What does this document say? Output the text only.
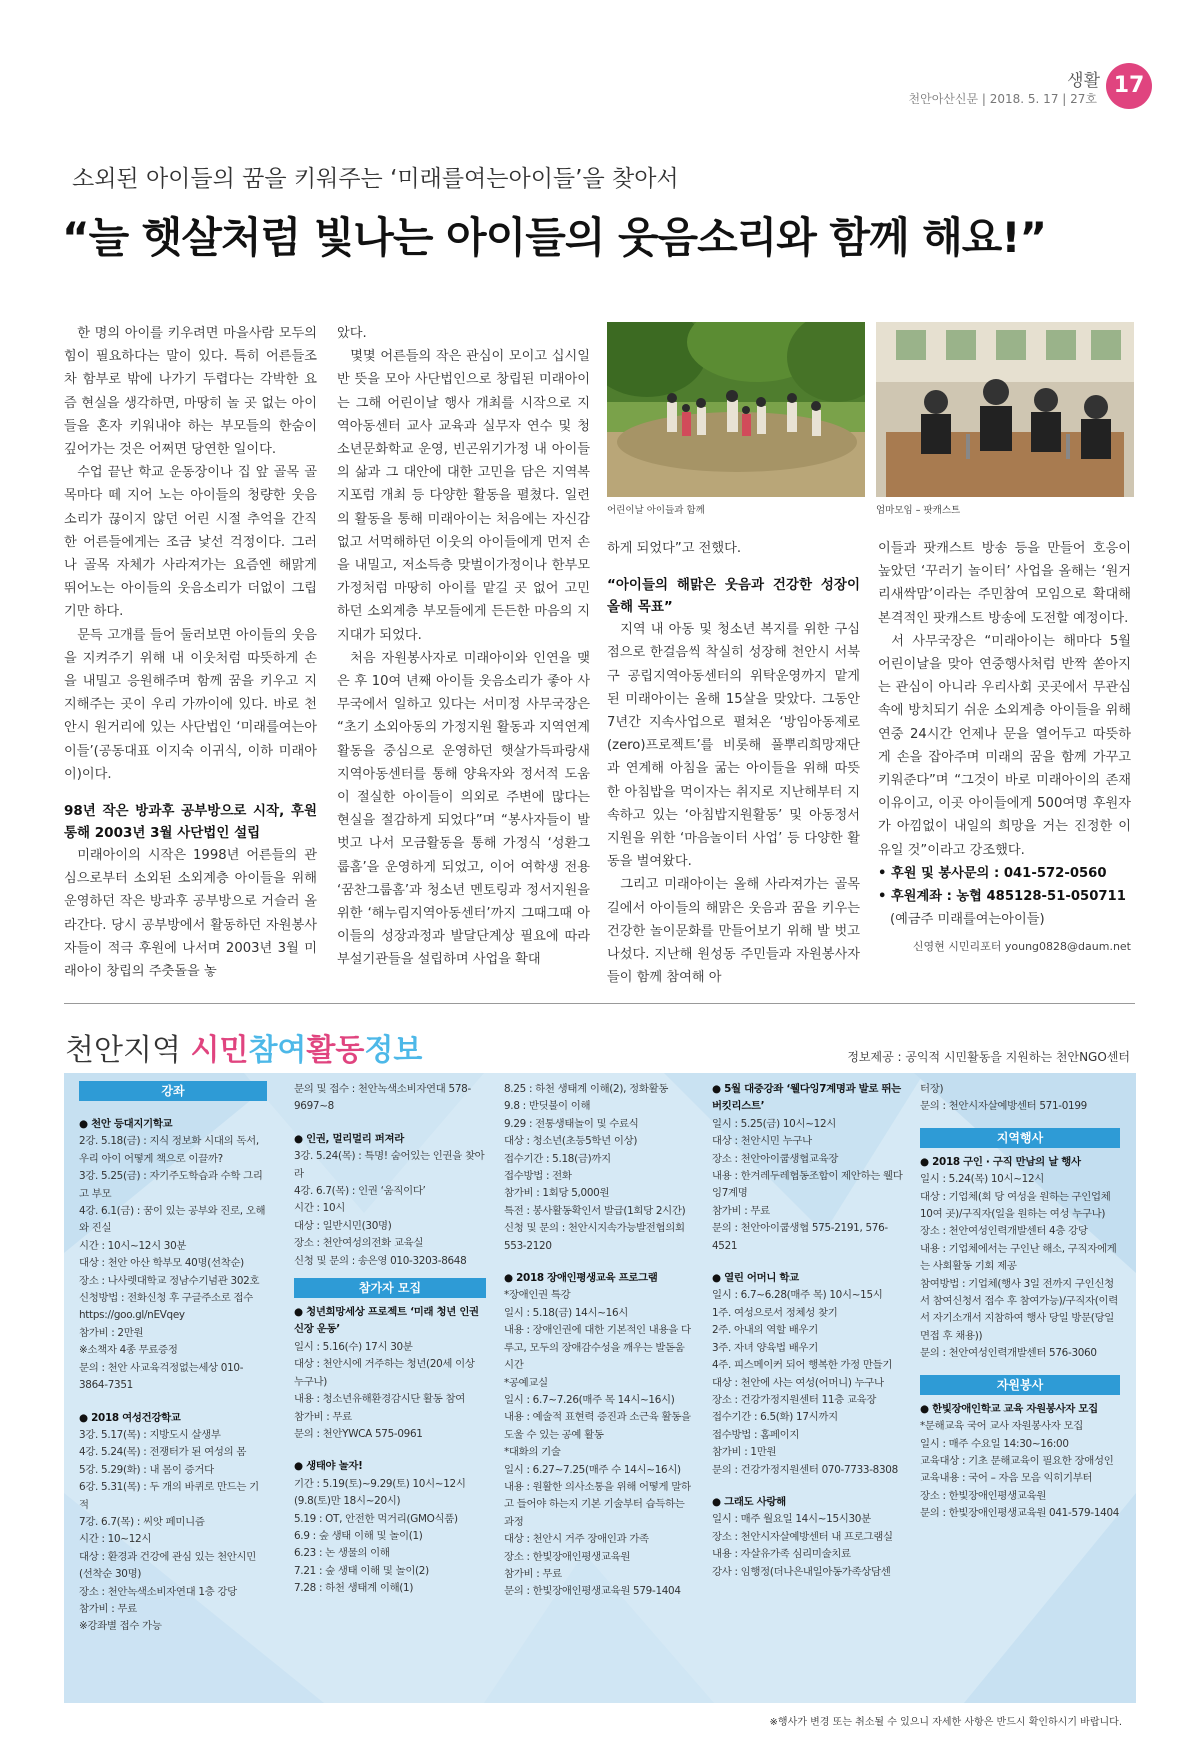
생활
천안아산신문 | 2018. 5. 17 | 27호
17
소외된 아이들의 꿈을 키워주는 ‘미래를여는아이들’을 찾아서
“늘 햇살처럼 빛나는 아이들의 웃음소리와 함께 해요!”

한 명의 아이를 키우려면 마을사람 모두의 힘이 필요하다는 말이 있다. 특히 어른들조차 함부로 밖에 나가기 두렵다는 각박한 요즘 현실을 생각하면, 마땅히 놀 곳 없는 아이들을 혼자 키워내야 하는 부모들의 한숨이 깊어가는 것은 어쩌면 당연한 일이다.

수업 끝난 학교 운동장이나 집 앞 골목 골목마다 떼 지어 노는 아이들의 청량한 웃음소리가 끊이지 않던 어린 시절 추억을 간직한 어른들에게는 조금 낯선 걱정이다. 그러나 골목 자체가 사라져가는 요즘엔 해맑게 뛰어노는 아이들의 웃음소리가 더없이 그립기만 하다.

문득 고개를 들어 둘러보면 아이들의 웃음을 지켜주기 위해 내 이웃처럼 따뜻하게 손을 내밀고 응원해주며 함께 꿈을 키우고 지지해주는 곳이 우리 가까이에 있다. 바로 천안시 원거리에 있는 사단법인 ‘미래를여는아이들’(공동대표 이지숙 이귀식, 이하 미래아이)이다.

98년 작은 방과후 공부방으로 시작, 후원 통해 2003년 3월 사단법인 설립

미래아이의 시작은 1998년 어른들의 관심으로부터 소외된 소외계층 아이들을 위해 운영하던 작은 방과후 공부방으로 거슬러 올라간다. 당시 공부방에서 활동하던 자원봉사자들이 적극 후원에 나서며 2003년 3월 미래아이 창립의 주춧돌을 놓

았다.

몇몇 어른들의 작은 관심이 모이고 십시일반 뜻을 모아 사단법인으로 창립된 미래아이는 그해 어린이날 행사 개최를 시작으로 지역아동센터 교사 교육과 실무자 연수 및 청소년문화학교 운영, 빈곤위기가정 내 아이들의 삶과 그 대안에 대한 고민을 담은 지역복지포럼 개최 등 다양한 활동을 펼쳤다. 일련의 활동을 통해 미래아이는 처음에는 자신감 없고 서먹해하던 이웃의 아이들에게 먼저 손을 내밀고, 저소득층 맞벌이가정이나 한부모가정처럼 마땅히 아이를 맡길 곳 없어 고민하던 소외계층 부모들에게 든든한 마음의 지지대가 되었다.

처음 자원봉사자로 미래아이와 인연을 맺은 후 10여 년째 아이들 웃음소리가 좋아 사무국에서 일하고 있다는 서미정 사무국장은 “초기 소외아동의 가정지원 활동과 지역연계활동을 중심으로 운영하던 햇살가득파랑새지역아동센터를 통해 양육자와 정서적 도움이 절실한 아이들이 의외로 주변에 많다는 현실을 절감하게 되었다”며 “봉사자들이 발 벗고 나서 모금활동을 통해 가정식 ‘성환그룹홈’을 운영하게 되었고, 이어 여학생 전용 ‘꿈찬그룹홈’과 청소년 멘토링과 정서지원을 위한 ‘해누림지역아동센터’까지 그때그때 아이들의 성장과정과 발달단계상 필요에 따라 부설기관들을 설립하며 사업을 확대

어린이날 아이들과 함께	엄마모임 – 팟캐스트

하게 되었다”고 전했다.

“아이들의 해맑은 웃음과 건강한 성장이 올해 목표”

지역 내 아동 및 청소년 복지를 위한 구심점으로 한걸음씩 착실히 성장해 천안시 서북구 공립지역아동센터의 위탁운영까지 맡게 된 미래아이는 올해 15살을 맞았다. 그동안 7년간 지속사업으로 펼쳐온 ‘방임아동제로(zero)프로젝트’를 비롯해 풀뿌리희망재단과 연계해 아침을 굶는 아이들을 위해 따뜻한 아침밥을 먹이자는 취지로 지난해부터 지속하고 있는 ‘아침밥지원활동’ 및 아동정서지원을 위한 ‘마음놀이터 사업’ 등 다양한 활동을 벌여왔다.

그리고 미래아이는 올해 사라져가는 골목길에서 아이들의 해맑은 웃음과 꿈을 키우는 건강한 놀이문화를 만들어보기 위해 발 벗고 나섰다. 지난해 원성동 주민들과 자원봉사자들이 함께 참여해 아

이들과 팟캐스트 방송 등을 만들어 호응이 높았던 ‘꾸러기 놀이터’ 사업을 올해는 ‘원거리새싹맘’이라는 주민참여 모임으로 확대해 본격적인 팟캐스트 방송에 도전할 예정이다.

서 사무국장은 “미래아이는 해마다 5월 어린이날을 맞아 연중행사처럼 반짝 쏟아지는 관심이 아니라 우리사회 곳곳에서 무관심 속에 방치되기 쉬운 소외계층 아이들을 위해 연중 24시간 언제나 문을 열어두고 따뜻하게 손을 잡아주며 미래의 꿈을 함께 가꾸고 키워준다”며 “그것이 바로 미래아이의 존재이유이고, 이곳 아이들에게 500여명 후원자가 아낌없이 내일의 희망을 거는 진정한 이유일 것”이라고 강조했다.

• 후원 및 봉사문의 : 041-572-0560

• 후원계좌 : 농협 485128-51-050711

(예금주 미래를여는아이들)

신영현 시민리포터 young0828@daum.net

천안지역 시민참여활동정보	정보제공 : 공익적 시민활동을 지원하는 천안NGO센터
강좌
● 천안 등대지기학교
2강. 5.18(금) : 지식 정보화 시대의 독서, 우리 아이 어떻게 책으로 이끌까?
3강. 5.25(금) : 자기주도학습과 수학 그리고 부모
4강. 6.1(금) : 꿈이 있는 공부와 진로, 오해와 진실
시간 : 10시~12시 30분
대상 : 천안 아산 학부모 40명(선착순)
장소 : 나사렛대학교 정남수기념관 302호
신청방법 : 전화신청 후 구글주소로 접수 https://goo.gl/nEVqey
참가비 : 2만원
※소책자 4종 무료증정
문의 : 천안 사교육걱정없는세상 010-3864-7351
● 2018 여성건강학교
3강. 5.17(목) : 지방도시 살생부
4강. 5.24(목) : 전쟁터가 된 여성의 몸
5강. 5.29(화) : 내 몸이 증거다
6강. 5.31(목) : 두 개의 바퀴로 만드는 기적
7강. 6.7(목) : 씨앗 페미니즘
시간 : 10~12시
대상 : 환경과 건강에 관심 있는 천안시민(선착순 30명)
장소 : 천안녹색소비자연대 1층 강당
참가비 : 무료
※강좌별 접수 가능
문의 및 접수 : 천안녹색소비자연대 578-9697~8
● 인권, 멀리멀리 퍼져라
3강. 5.24(목) : 특명! 숨어있는 인권을 찾아라
4강. 6.7(목) : 인권 ‘움직이다’
시간 : 10시
대상 : 일반시민(30명)
장소 : 천안여성의전화 교육실
신청 및 문의 : 송은영 010-3203-8648
참가자 모집
● 청년희망세상 프로젝트 ‘미래 청년 인권신장 운동’
일시 : 5.16(수) 17시 30분
대상 : 천안시에 거주하는 청년(20세 이상 누구나)
내용 : 청소년유해환경감시단 활동 참여
참가비 : 무료
문의 : 천안YWCA 575-0961
● 생태야 놀자!
기간 : 5.19(토)~9.29(토) 10시~12시(9.8(토)만 18시~20시)
5.19 : OT, 안전한 먹거리(GMO식품)
6.9 : 숲 생태 이해 및 놀이(1)
6.23 : 논 생물의 이해
7.21 : 숲 생태 이해 및 놀이(2)
7.28 : 하천 생태계 이해(1)
8.25 : 하천 생태계 이해(2), 정화활동
9.8 : 반딧불이 이해
9.29 : 전통생태놀이 및 수료식
대상 : 청소년(초등5학년 이상)
접수기간 : 5.18(금)까지
접수방법 : 전화
참가비 : 1회당 5,000원
특전 : 봉사활동확인서 발급(1회당 2시간)
신청 및 문의 : 천안시지속가능발전협의회 553-2120
● 2018 장애인평생교육 프로그램
*장애인권 특강
일시 : 5.18(금) 14시~16시
내용 : 장애인권에 대한 기본적인 내용을 다루고, 모두의 장애감수성을 깨우는 발돋움 시간
*공예교실
일시 : 6.7~7.26(매주 목 14시~16시)
내용 : 예술적 표현력 증진과 소근육 활동을 도울 수 있는 공예 활동
*대화의 기술
일시 : 6.27~7.25(매주 수 14시~16시)
내용 : 원활한 의사소통을 위해 어떻게 말하고 들어야 하는지 기본 기술부터 습득하는 과정
대상 : 천안시 거주 장애인과 가족
장소 : 한빛장애인평생교육원
참가비 : 무료
문의 : 한빛장애인평생교육원 579-1404
● 5월 대중강좌 ‘웰다잉7계명과 발로 뛰는 버킷리스트’
일시 : 5.25(금) 10시~12시
대상 : 천안시민 누구나
장소 : 천안아이쿱생협교육장
내용 : 한겨레두레협동조합이 제안하는 웰다잉7계명
참가비 : 무료
문의 : 천안아이쿱생협 575-2191, 576-4521
● 열린 어머니 학교
일시 : 6.7~6.28(매주 목) 10시~15시
1주. 여성으로서 정체성 찾기
2주. 아내의 역할 배우기
3주. 자녀 양육법 배우기
4주. 피스메이커 되어 행복한 가정 만들기
대상 : 천안에 사는 여성(어머니) 누구나
장소 : 건강가정지원센터 11층 교육장
접수기간 : 6.5(화) 17시까지
접수방법 : 홈페이지
참가비 : 1만원
문의 : 건강가정지원센터 070-7733-8308
● 그래도 사랑해
일시 : 매주 월요일 14시~15시30분
장소 : 천안시자살예방센터 내 프로그램실
내용 : 자살유가족 심리미술치료
강사 : 임행정(더나은내일아동가족상담센
터장)
문의 : 천안시자살예방센터 571-0199
지역행사
● 2018 구인 · 구직 만남의 날 행사
일시 : 5.24(목) 10시~12시
대상 : 기업체(회 당 여성을 원하는 구인업체 10여 곳)/구직자(일을 원하는 여성 누구나)
장소 : 천안여성인력개발센터 4층 강당
내용 : 기업체에서는 구인난 해소, 구직자에게는 사회활동 기회 제공
참여방법 : 기업체(행사 3일 전까지 구인신청서 참여신청서 접수 후 참여가능)/구직자(이력서 자기소개서 지참하여 행사 당일 방문(당일 면접 후 채용))
문의 : 천안여성인력개발센터 576-3060
자원봉사
● 한빛장애인학교 교육 자원봉사자 모집
*문해교육 국어 교사 자원봉사자 모집
일시 : 매주 수요일 14:30~16:00
교육대상 : 기초 문해교육이 필요한 장애성인
교육내용 : 국어 – 자음 모음 익히기부터
장소 : 한빛장애인평생교육원
문의 : 한빛장애인평생교육원 041-579-1404
※행사가 변경 또는 취소될 수 있으니 자세한 사항은 반드시 확인하시기 바랍니다.
